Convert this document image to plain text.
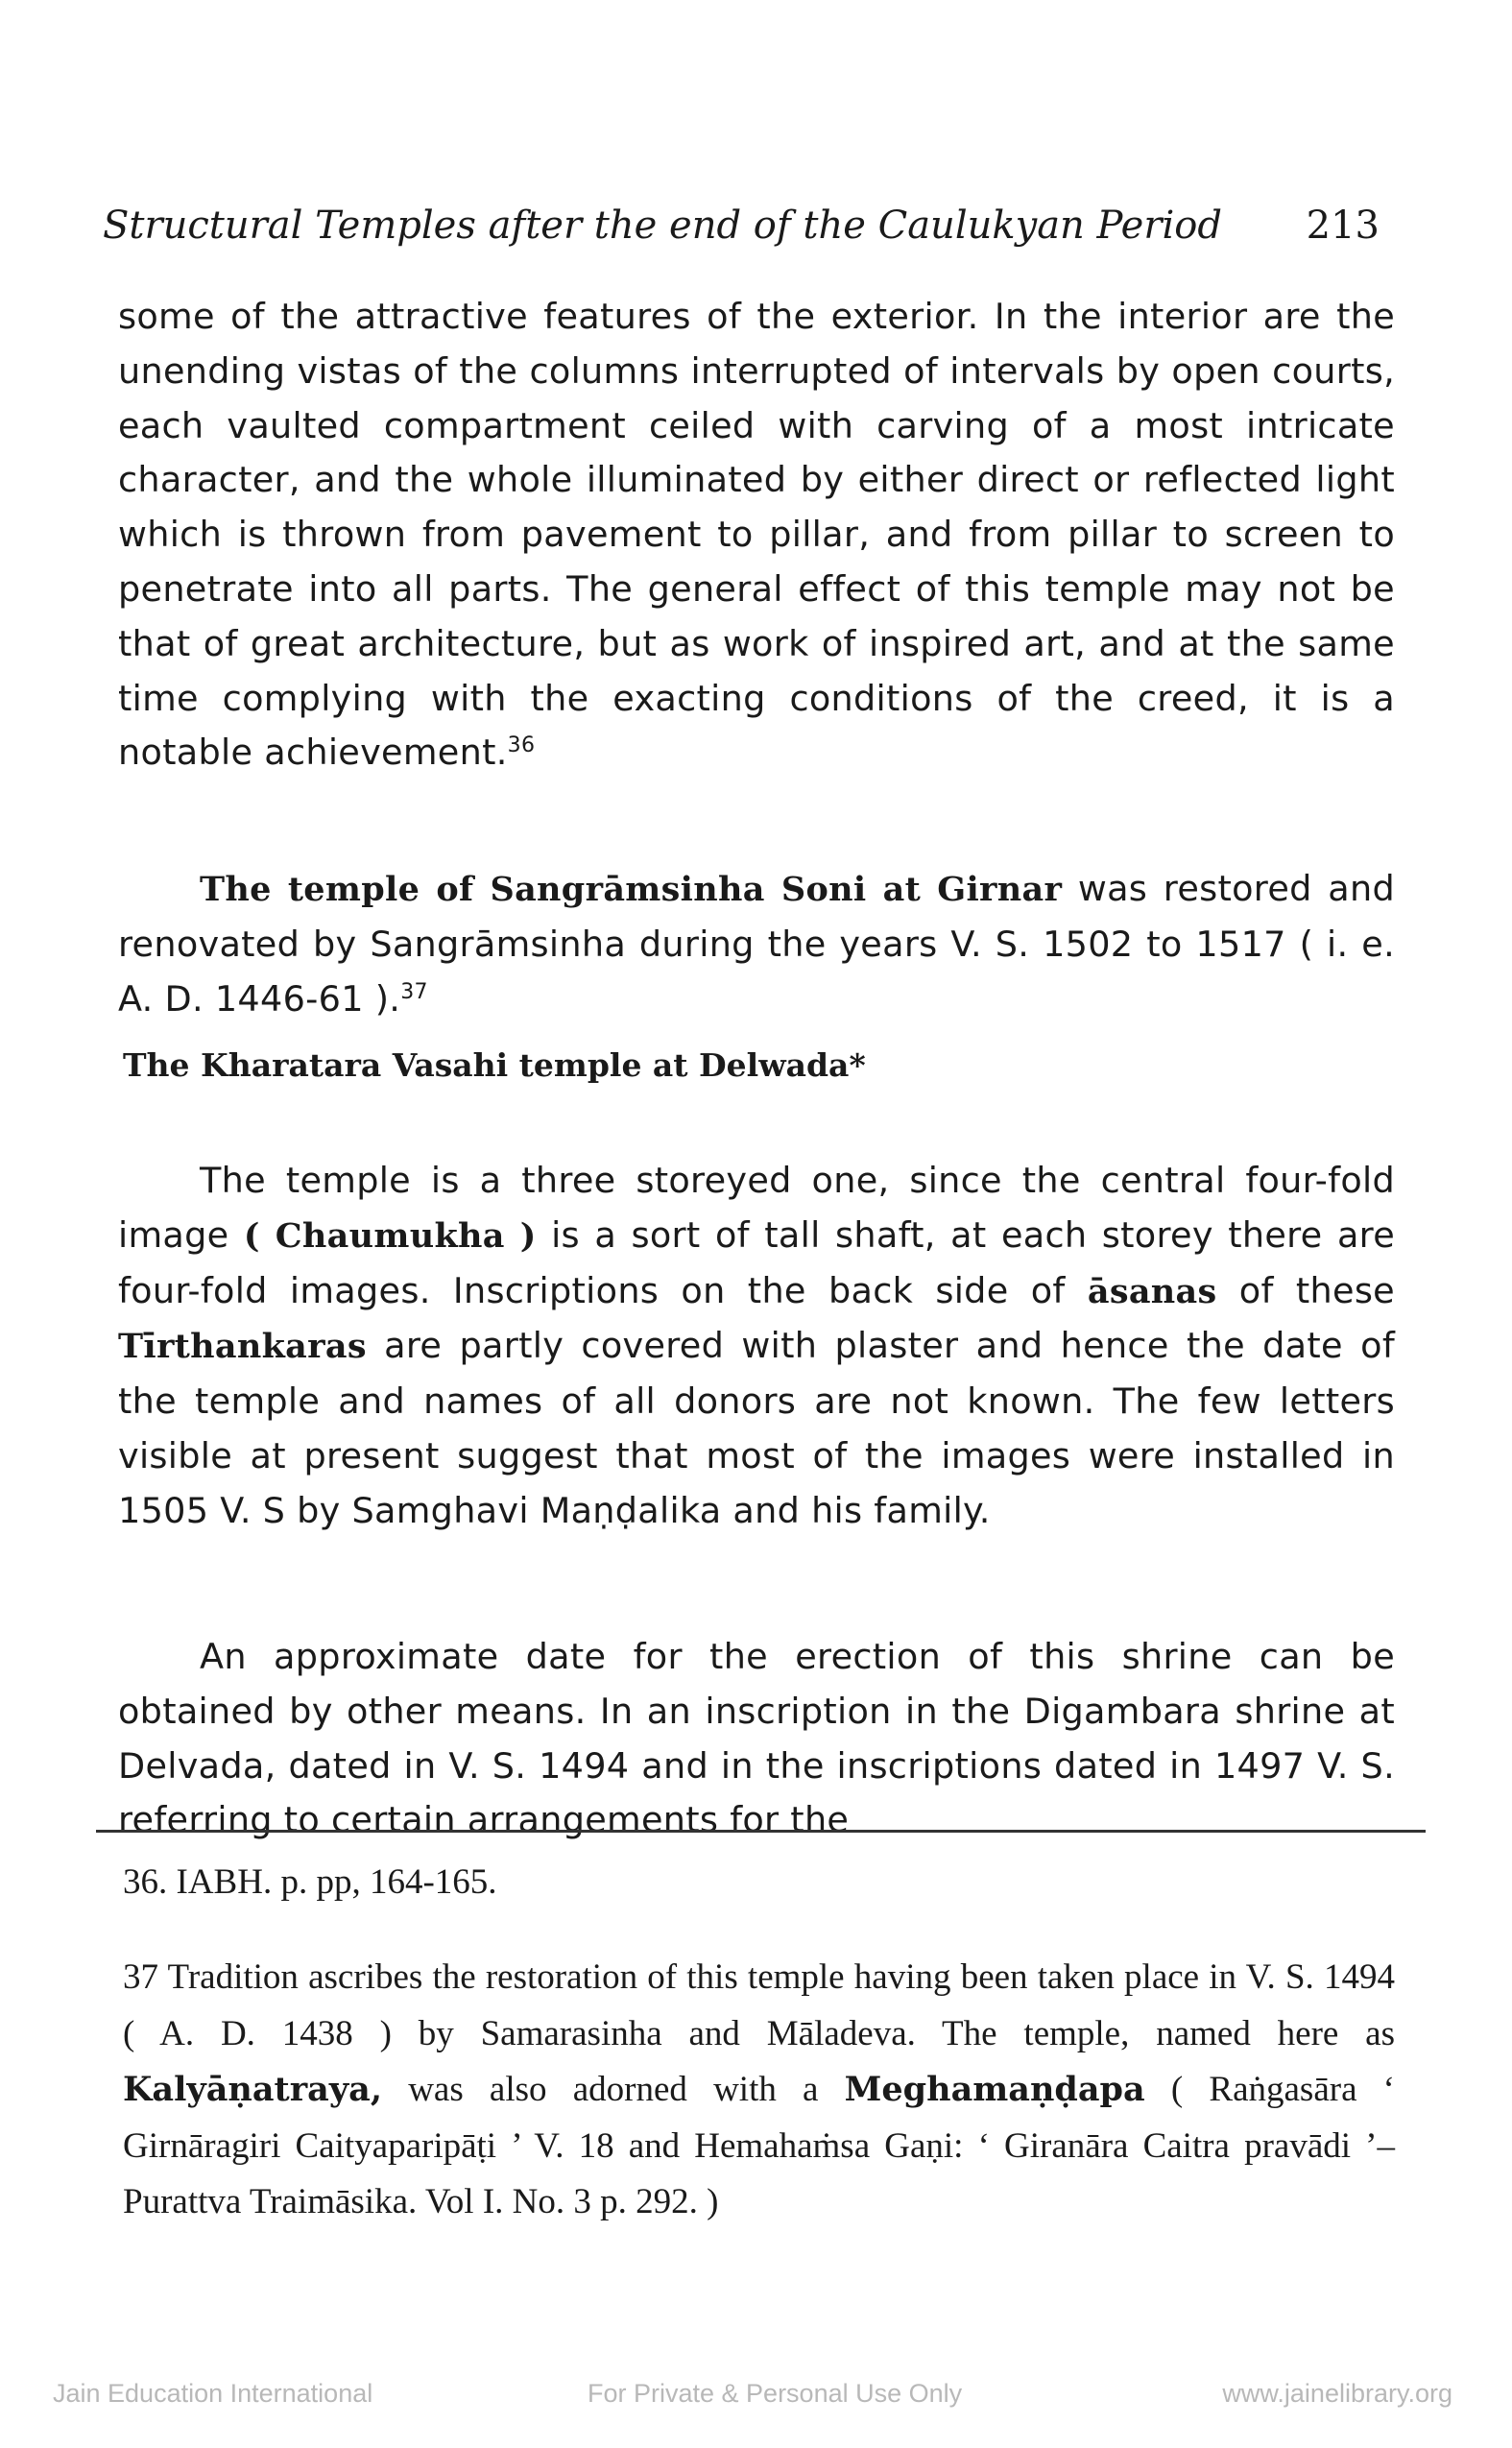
Structural Temples after the end of the Caulukyan Period 213
some of the attractive features of the exterior. In the interior are the unending vistas of the columns interrupted of intervals by open courts, each vaulted compartment ceiled with carving of a most intricate character, and the whole illuminated by either direct or reflected light which is thrown from pavement to pillar, and from pillar to screen to penetrate into all parts. The general effect of this temple may not be that of great architecture, but as work of inspired art, and at the same time complying with the exacting conditions of the creed, it is a notable achievement.$^{36}$
The temple of Sangrāmsinha Soni at Girnar was restored and renovated by Sangrāmsinha during the years V. S. 1502 to 1517 ( i. e. A. D. 1446-61 ).$^{37}$
The Kharatara Vasahi temple at Delwada*
The temple is a three storeyed one, since the central four-fold image ( Chaumukha ) is a sort of tall shaft, at each storey there are four-fold images. Inscriptions on the back side of āsanas of these Tīrthankaras are partly covered with plaster and hence the date of the temple and names of all donors are not known. The few letters visible at present suggest that most of the images were installed in 1505 V. S by Samghavi Maṇḍalika and his family.
An approximate date for the erection of this shrine can be obtained by other means. In an inscription in the Digambara shrine at Delvada, dated in V. S. 1494 and in the inscriptions dated in 1497 V. S. referring to certain arrangements for the
36. IABH. p. pp, 164-165.
37 Tradition ascribes the restoration of this temple having been taken place in V. S. 1494 ( A. D. 1438 ) by Samarasinha and Māladeva. The temple, named here as Kalyāṇatraya, was also adorned with a Meghamaṇḍapa ( Raṅgasāra ‘ Girnāragiri Caityaparipāṭi ’ V. 18 and Hemahaṁsa Gaṇi: ‘ Giranāra Caitra pravādi ’–Purattva Traimāsika. Vol I. No. 3 p. 292. )
Jain Education International	For Private & Personal Use Only	www.jainelibrary.org
